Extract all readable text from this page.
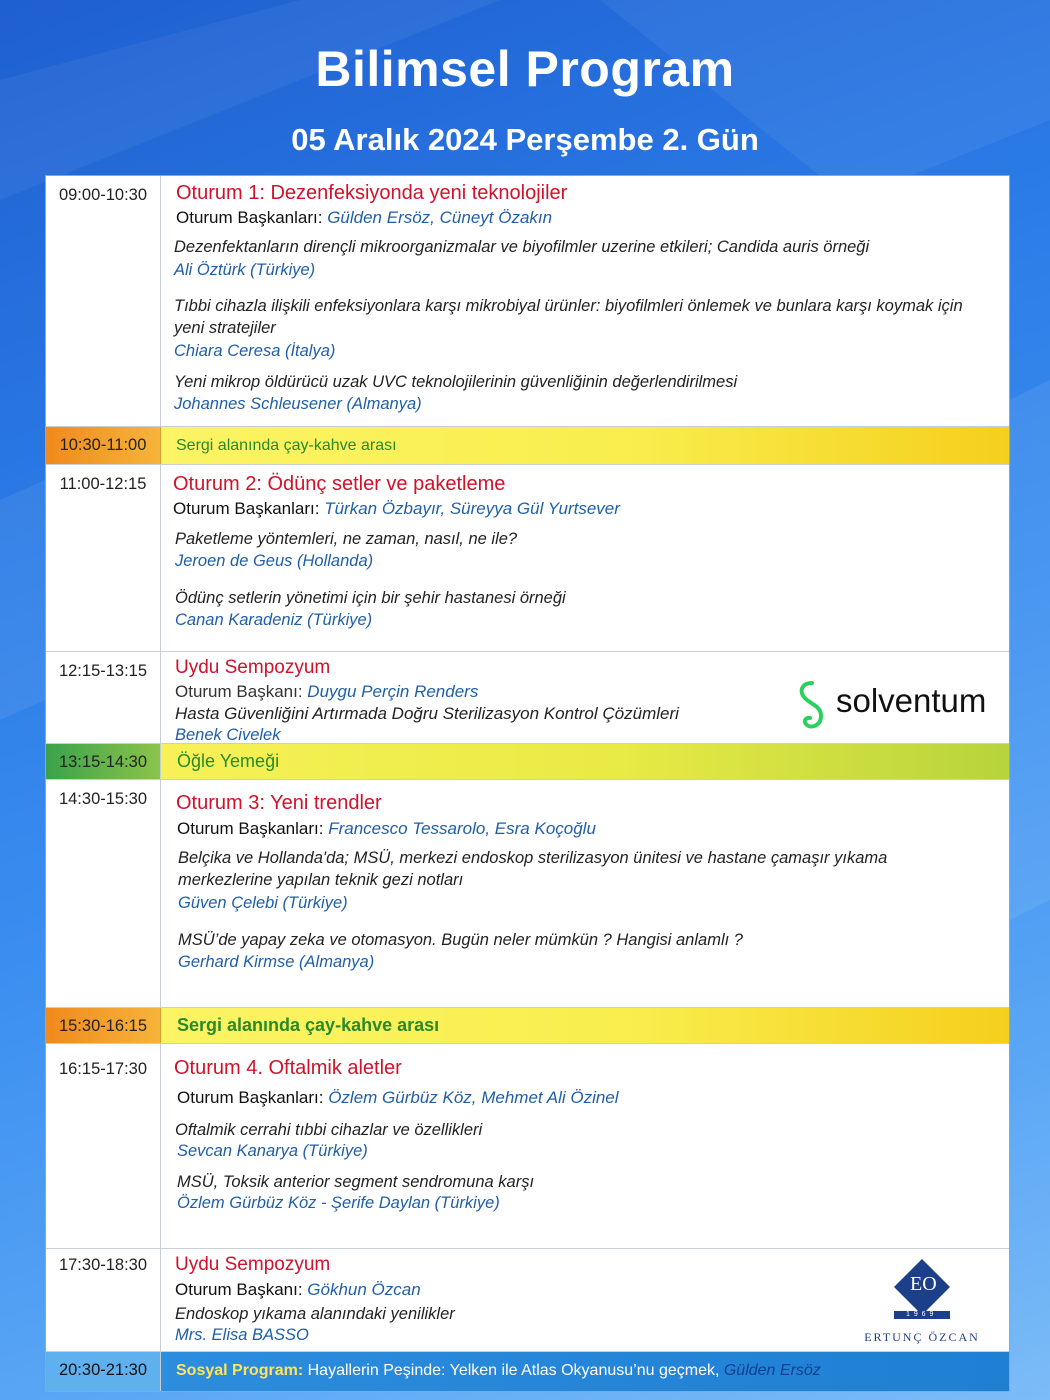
Bilimsel Program
05 Aralık 2024 Perşembe 2. Gün
09:00-10:30	Oturum 1: Dezenfeksiyonda yeni teknolojiler
Oturum Başkanları: Gülden Ersöz, Cüneyt Özakın
Dezenfektanların dirençli mikroorganizmalar ve biyofilmler uzerine etkileri; Candida auris örneği
Ali Öztürk (Türkiye)
Tıbbi cihazla ilişkili enfeksiyonlara karşı mikrobiyal ürünler: biyofilmleri önlemek ve bunlara karşı koymak için yeni stratejiler
Chiara Ceresa (İtalya)
Yeni mikrop öldürücü uzak UVC teknolojilerinin güvenliğinin değerlendirilmesi
Johannes Schleusener (Almanya)
10:30-11:00	Sergi alanında çay-kahve arası
11:00-12:15	Oturum 2: Ödünç setler ve paketleme
Oturum Başkanları: Türkan Özbayır, Süreyya Gül Yurtsever
Paketleme yöntemleri, ne zaman, nasıl, ne ile?
Jeroen de Geus (Hollanda)
Ödünç setlerin yönetimi için bir şehir hastanesi örneği
Canan Karadeniz (Türkiye)
12:15-13:15	Uydu Sempozyum
Oturum Başkanı: Duygu Perçin Renders
Hasta Güvenliğini Artırmada Doğru Sterilizasyon Kontrol Çözümleri
Benek Civelek
solventum
13:15-14:30	Öğle Yemeği
14:30-15:30	Oturum 3: Yeni trendler
Oturum Başkanları: Francesco Tessarolo, Esra Koçoğlu
Belçika ve Hollanda'da; MSÜ, merkezi endoskop sterilizasyon ünitesi ve hastane çamaşır yıkama merkezlerine yapılan teknik gezi notları
Güven Çelebi (Türkiye)
MSÜ’de yapay zeka ve otomasyon. Bugün neler mümkün ? Hangisi anlamlı ?
Gerhard Kirmse (Almanya)
15:30-16:15	Sergi alanında çay-kahve arası
16:15-17:30	Oturum 4. Oftalmik aletler
Oturum Başkanları: Özlem Gürbüz Köz, Mehmet Ali Özinel
Oftalmik cerrahi tıbbi cihazlar ve özellikleri
Sevcan Kanarya (Türkiye)
MSÜ, Toksik anterior segment sendromuna karşı
Özlem Gürbüz Köz - Şerife Daylan (Türkiye)
17:30-18:30	Uydu Sempozyum
Oturum Başkanı: Gökhun Özcan
Endoskop yıkama alanındaki yenilikler
Mrs. Elisa BASSO
EO
1 9 6 9
ERTUNÇ ÖZCAN
20:30-21:30	Sosyal Program: Hayallerin Peşinde: Yelken ile Atlas Okyanusu’nu geçmek, Gülden Ersöz
